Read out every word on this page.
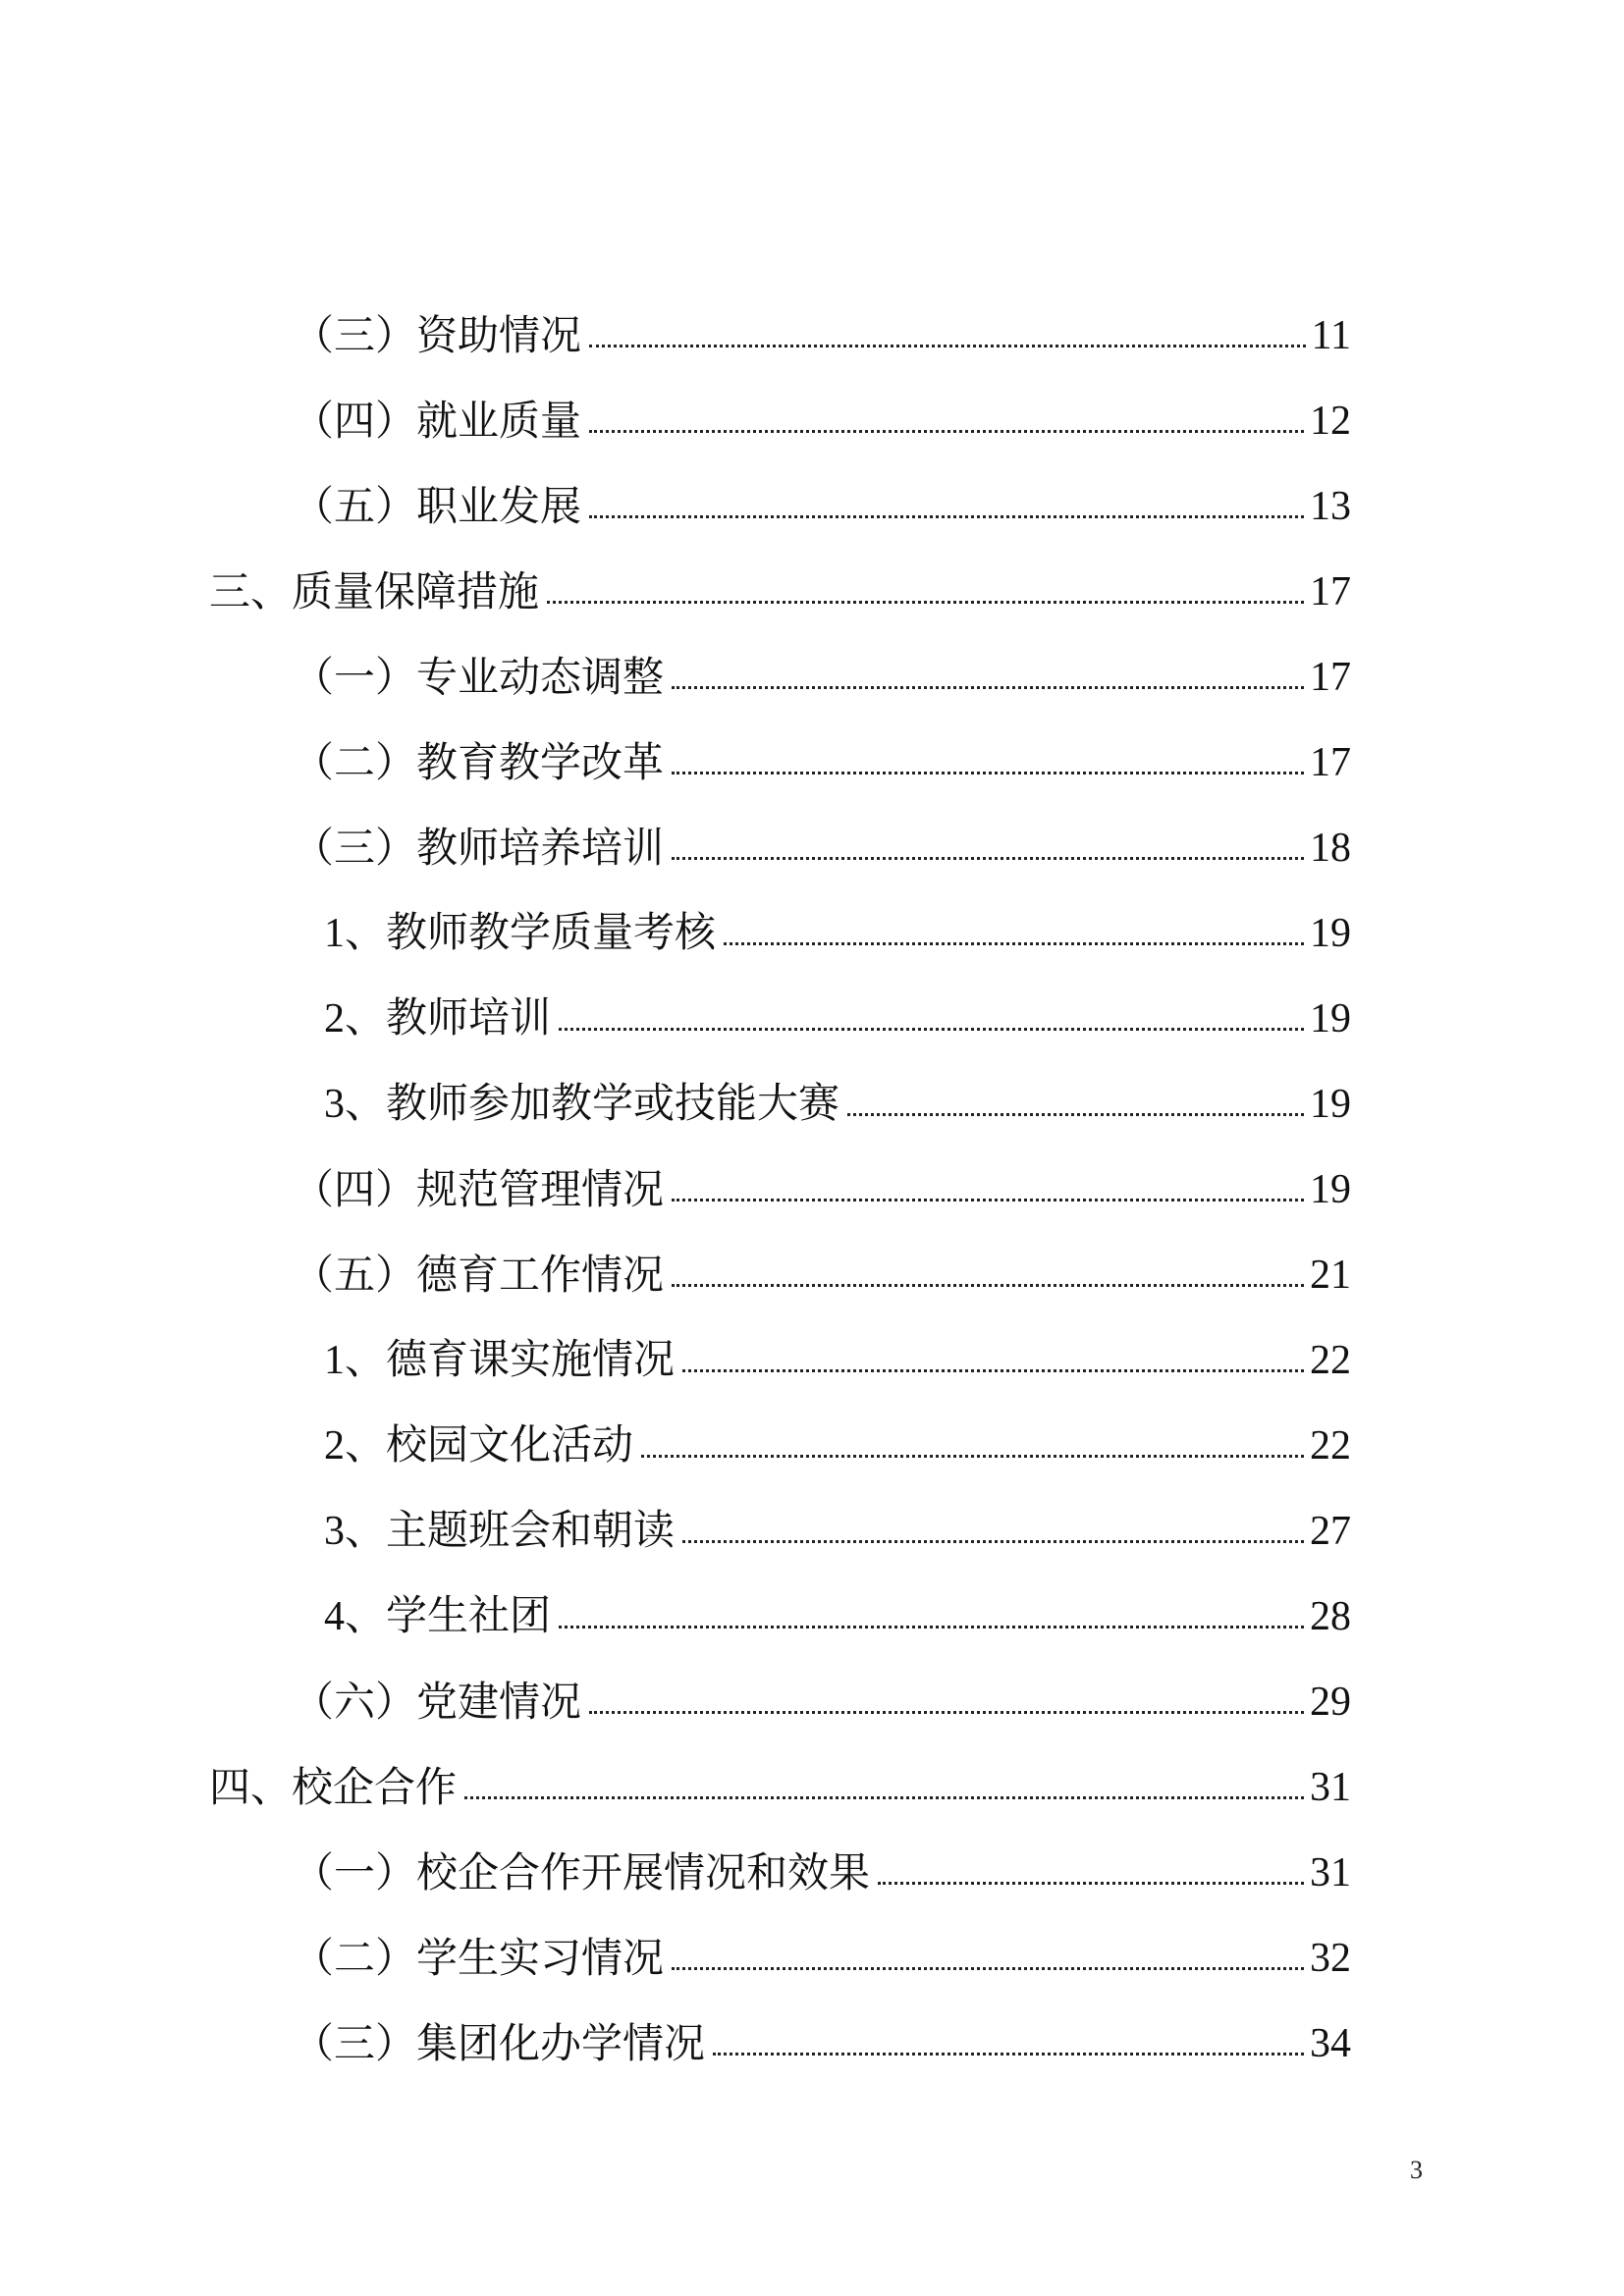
（三）资助情况	11
（四）就业质量	12
（五）职业发展	13
三、质量保障措施	17
（一）专业动态调整	17
（二）教育教学改革	17
（三）教师培养培训	18
1、教师教学质量考核	19
2、教师培训	19
3、教师参加教学或技能大赛	19
（四）规范管理情况	19
（五）德育工作情况	21
1、德育课实施情况	22
2、校园文化活动	22
3、主题班会和朝读	27
4、学生社团	28
（六）党建情况	29
四、校企合作	31
（一）校企合作开展情况和效果	31
（二）学生实习情况	32
（三）集团化办学情况	34
3
